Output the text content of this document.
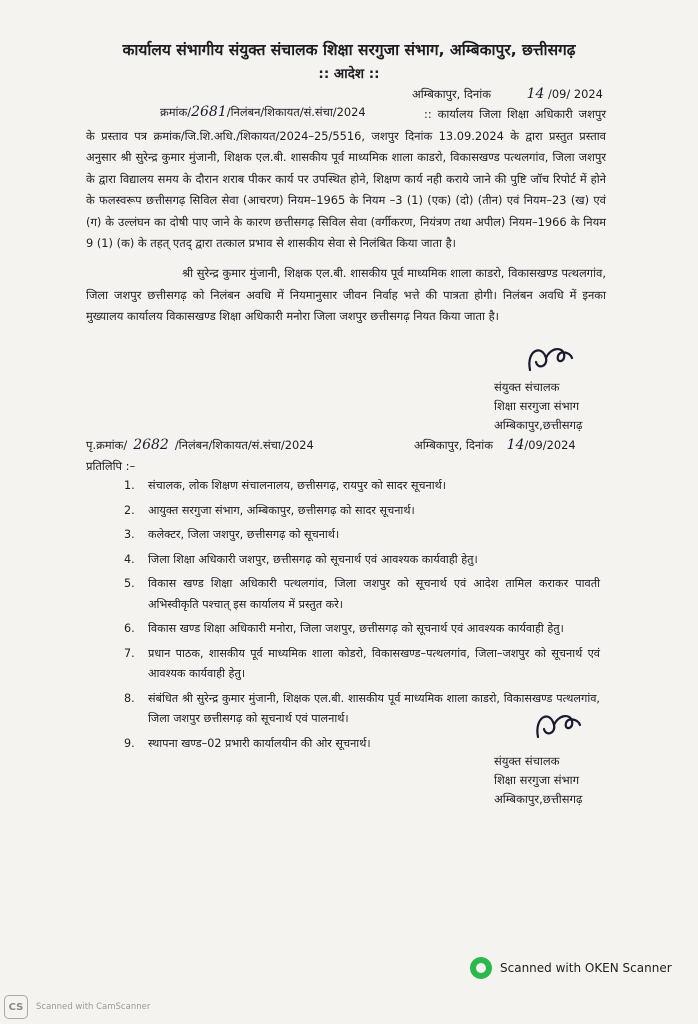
कार्यालय संभागीय संयुक्त संचालक शिक्षा सरगुजा संभाग, अम्बिकापुर, छत्तीसगढ़
:: आदेश ::
अम्बिकापुर, दिनांक	14 /09/ 2024
क्रमांक/2681/निलंबन/शिकायत/सं.संचा/2024	:: कार्यालय जिला शिक्षा अधिकारी जशपुर के प्रस्ताव पत्र क्रमांक/जि.शि.अधि./शिकायत/2024–25/5516, जशपुर दिनांक 13.09.2024 के द्वारा प्रस्तुत प्रस्ताव अनुसार श्री सुरेन्द्र कुमार मुंजानी, शिक्षक एल.बी. शासकीय पूर्व माध्यमिक शाला काडरो, विकासखण्ड पत्थलगांव, जिला जशपुर के द्वारा विद्यालय समय के दौरान शराब पीकर कार्य पर उपस्थित होने, शिक्षण कार्य नही कराये जाने की पुष्टि जॉच रिपोर्ट में होने के फलस्वरूप छत्तीसगढ़ सिविल सेवा (आचरण) नियम–1965 के नियम –3 (1) (एक) (दो) (तीन) एवं नियम–23 (ख) एवं (ग) के उल्लंघन का दोषी पाए जाने के कारण छत्तीसगढ़ सिविल सेवा (वर्गीकरण, नियंत्रण तथा अपील) नियम–1966 के नियम 9 (1) (क) के तहत् एतद् द्वारा तत्काल प्रभाव से शासकीय सेवा से निलंबित किया जाता है।
श्री सुरेन्द्र कुमार मुंजानी, शिक्षक एल.बी. शासकीय पूर्व माध्यमिक शाला काडरो, विकासखण्ड पत्थलगांव, जिला जशपुर छत्तीसगढ़ को निलंबन अवधि में नियमानुसार जीवन निर्वाह भत्ते की पात्रता होगी। निलंबन अवधि में इनका मुख्यालय कार्यालय विकासखण्ड शिक्षा अधिकारी मनोरा जिला जशपुर छत्तीसगढ़ नियत किया जाता है।
संयुक्त संचालक
शिक्षा सरगुजा संभाग
अम्बिकापुर,छत्तीसगढ़
पृ.क्रमांक/ 2682 /निलंबन/शिकायत/सं.संचा/2024	अम्बिकापुर, दिनांक 14/09/2024
प्रतिलिपि :–
1. संचालक, लोक शिक्षण संचालनालय, छत्तीसगढ़, रायपुर को सादर सूचनार्थ।
2. आयुक्त सरगुजा संभाग, अम्बिकापुर, छत्तीसगढ़ को सादर सूचनार्थ।
3. कलेक्टर, जिला जशपुर, छत्तीसगढ़ को सूचनार्थ।
4. जिला शिक्षा अधिकारी जशपुर, छत्तीसगढ़ को सूचनार्थ एवं आवश्यक कार्यवाही हेतु।
5. विकास खण्ड शिक्षा अधिकारी पत्थलगांव, जिला जशपुर को सूचनार्थ एवं आदेश तामिल कराकर पावती अभिस्वीकृति पश्चात् इस कार्यालय में प्रस्तुत करे।
6. विकास खण्ड शिक्षा अधिकारी मनोरा, जिला जशपुर, छत्तीसगढ़ को सूचनार्थ एवं आवश्यक कार्यवाही हेतु।
7. प्रधान पाठक, शासकीय पूर्व माध्यमिक शाला कोडरो, विकासखण्ड–पत्थलगांव, जिला–जशपुर को सूचनार्थ एवं आवश्यक कार्यवाही हेतु।
8. संबंधित श्री सुरेन्द्र कुमार मुंजानी, शिक्षक एल.बी. शासकीय पूर्व माध्यमिक शाला काडरो, विकासखण्ड पत्थलगांव, जिला जशपुर छत्तीसगढ़ को सूचनार्थ एवं पालनार्थ।
9. स्थापना खण्ड–02 प्रभारी कार्यालयीन की ओर सूचनार्थ।
संयुक्त संचालक
शिक्षा सरगुजा संभाग
अम्बिकापुर,छत्तीसगढ़
Scanned with OKEN Scanner
CS	Scanned with CamScanner
